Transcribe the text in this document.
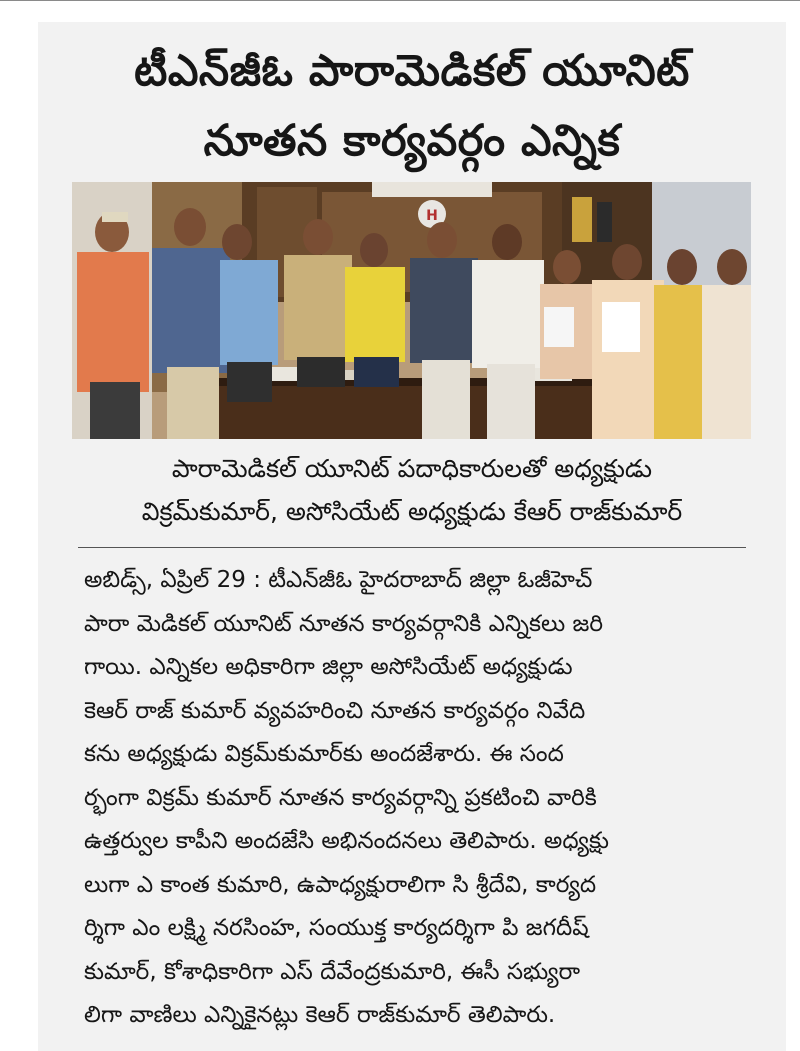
టీఎన్‌జీఓ పారామెడికల్ యూనిట్
నూతన కార్యవర్గం ఎన్నిక
H
పారామెడికల్ యూనిట్ పదాధికారులతో అధ్యక్షుడు
విక్రమ్‌కుమార్, అసోసియేట్ అధ్యక్షుడు కేఆర్ రాజ్‌కుమార్
అబిడ్స్, ఏప్రిల్ 29 : టీఎన్‌జీఓ హైదరాబాద్ జిల్లా ఓజీహెచ్
పారా మెడికల్ యూనిట్ నూతన కార్యవర్గానికి ఎన్నికలు జరి
గాయి. ఎన్నికల అధికారిగా జిల్లా అసోసియేట్ అధ్యక్షుడు
కెఆర్ రాజ్ కుమార్ వ్యవహరించి నూతన కార్యవర్గం నివేది
కను అధ్యక్షుడు విక్రమ్‌కుమార్‌కు అందజేశారు. ఈ సంద
ర్భంగా విక్రమ్ కుమార్ నూతన కార్యవర్గాన్ని ప్రకటించి వారికి
ఉత్తర్వుల కాపీని అందజేసి అభినందనలు తెలిపారు. అధ్యక్షు
లుగా ఎ కాంత కుమారి, ఉపాధ్యక్షురాలిగా సి శ్రీదేవి, కార్యద
ర్శిగా ఎం లక్ష్మి నరసింహ, సంయుక్త కార్యదర్శిగా పి జగదీష్
కుమార్, కోశాధికారిగా ఎస్ దేవేంద్రకుమారి, ఈసీ సభ్యురా
లిగా వాణిలు ఎన్నికైనట్లు కెఆర్ రాజ్‌కుమార్ తెలిపారు.
